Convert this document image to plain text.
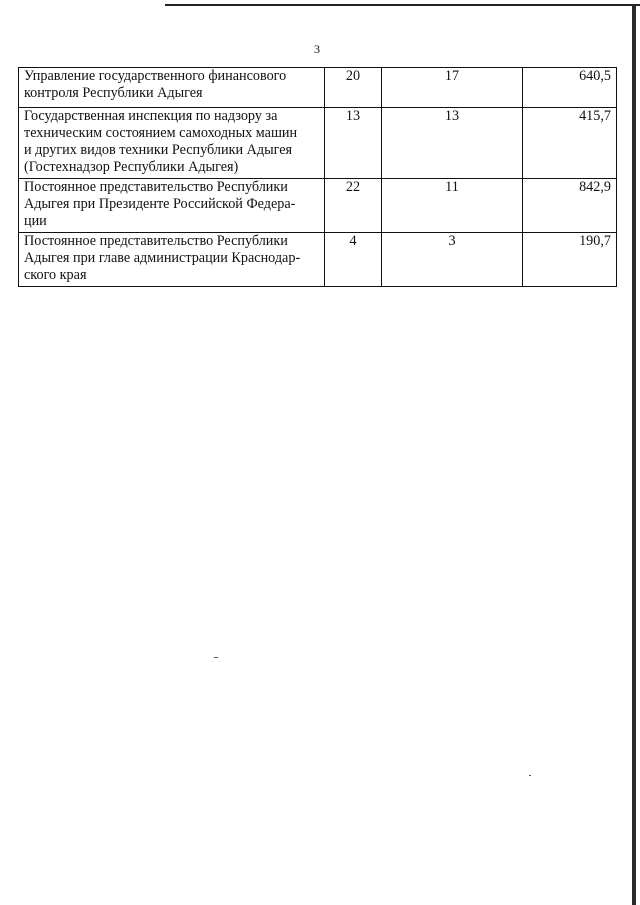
3
Управление государственного финансового
контроля Республики Адыгея	20	17	640,5

Государственная инспекция по надзору за
техническим состоянием самоходных машин
и других видов техники Республики Адыгея
(Гостехнадзор Республики Адыгея)	13	13	415,7

Постоянное представительство Республики
Адыгея при Президенте Российской Федера-
ции	22	11	842,9

Постоянное представительство Республики
Адыгея при главе администрации Краснодар-
ского края	4	3	190,7
